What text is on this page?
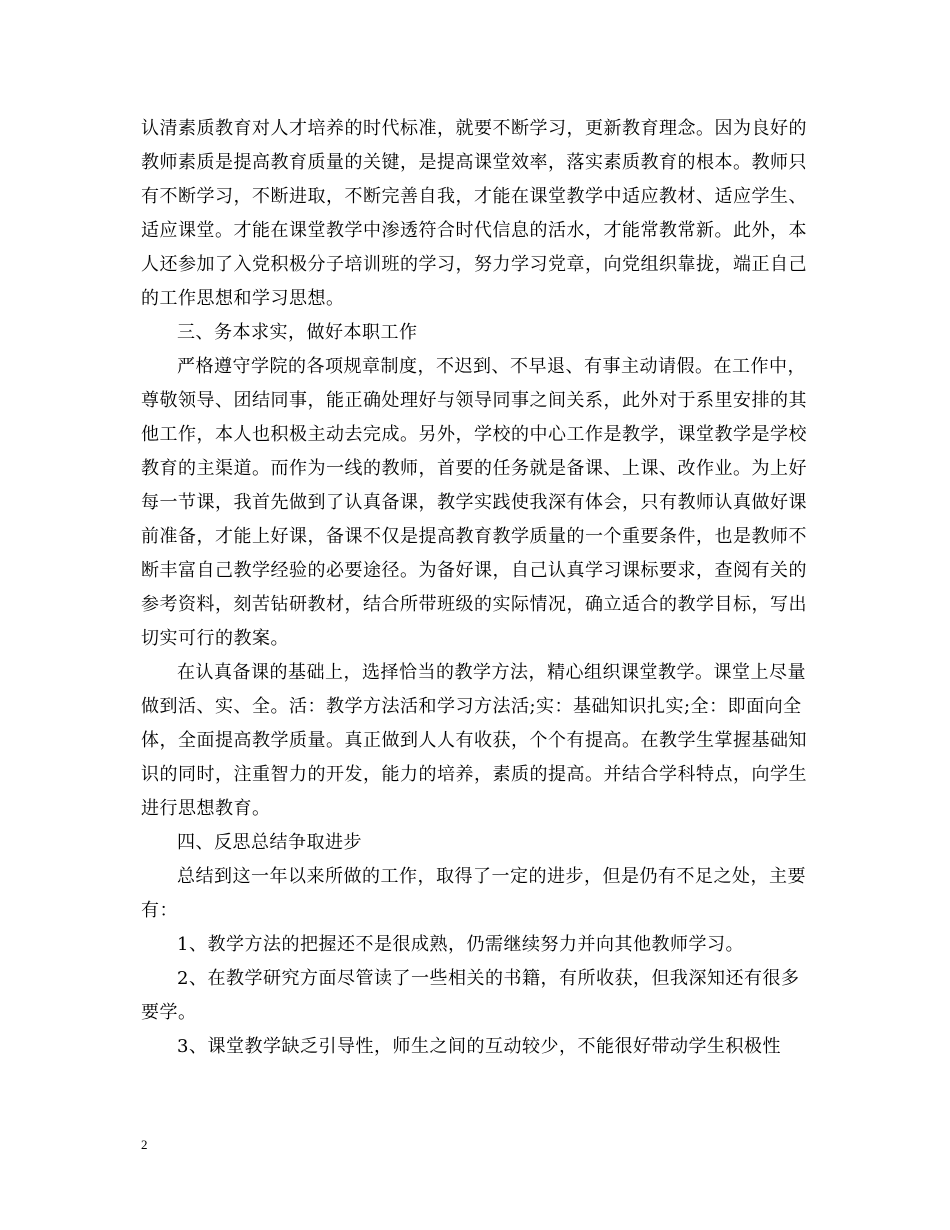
认清素质教育对人才培养的时代标准，就要不断学习，更新教育理念。因为良好的
教师素质是提高教育质量的关键，是提高课堂效率，落实素质教育的根本。教师只
有不断学习，不断进取，不断完善自我，才能在课堂教学中适应教材、适应学生、
适应课堂。才能在课堂教学中渗透符合时代信息的活水，才能常教常新。此外，本
人还参加了入党积极分子培训班的学习，努力学习党章，向党组织靠拢，端正自己
的工作思想和学习思想。
三、务本求实，做好本职工作
严格遵守学院的各项规章制度，不迟到、不早退、有事主动请假。在工作中，
尊敬领导、团结同事，能正确处理好与领导同事之间关系，此外对于系里安排的其
他工作，本人也积极主动去完成。另外，学校的中心工作是教学，课堂教学是学校
教育的主渠道。而作为一线的教师，首要的任务就是备课、上课、改作业。为上好
每一节课，我首先做到了认真备课，教学实践使我深有体会，只有教师认真做好课
前准备，才能上好课，备课不仅是提高教育教学质量的一个重要条件，也是教师不
断丰富自己教学经验的必要途径。为备好课，自己认真学习课标要求，查阅有关的
参考资料，刻苦钻研教材，结合所带班级的实际情况，确立适合的教学目标，写出
切实可行的教案。
在认真备课的基础上，选择恰当的教学方法，精心组织课堂教学。课堂上尽量
做到活、实、全。活：教学方法活和学习方法活;实：基础知识扎实;全：即面向全
体，全面提高教学质量。真正做到人人有收获，个个有提高。在教学生掌握基础知
识的同时，注重智力的开发，能力的培养，素质的提高。并结合学科特点，向学生
进行思想教育。
四、反思总结争取进步
总结到这一年以来所做的工作，取得了一定的进步，但是仍有不足之处，主要
有：
1、教学方法的把握还不是很成熟，仍需继续努力并向其他教师学习。
2、在教学研究方面尽管读了一些相关的书籍，有所收获，但我深知还有很多
要学。
3、课堂教学缺乏引导性，师生之间的互动较少，不能很好带动学生积极性
2
